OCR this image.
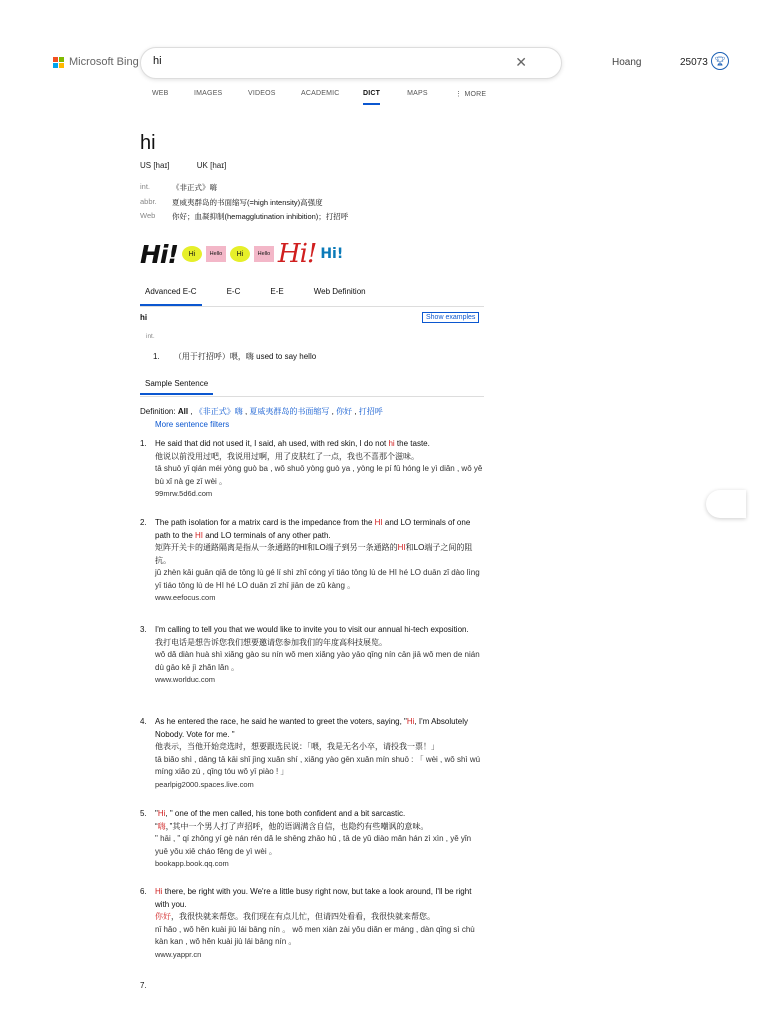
Microsoft Bing
hi	✕	Hoang	25073 🏆︎
WEB	IMAGES	VIDEOS	ACADEMIC	DICT	MAPS	⋮ MORE
hi
US [haɪ]	UK [haɪ]
int.	《非正式》嗨
abbr.	夏威夷群岛的书面缩写(=high intensity)高强度
Web	你好；血凝抑制(hemagglutination inhibition)；打招呼
Hi!	Hi	Hello	Hi	Hello Hi! Hi!
Advanced E-C	E-C	E-E	Web Definition
hi	Show examples
int.
1. （用于打招呼）喂，嗨 used to say hello
Sample Sentence
Definition: All , 《非正式》嗨 , 夏威夷群岛的书面缩写 , 你好 , 打招呼
More sentence filters
1. He said that did not used it, I said, ah used, with red skin, I do not hi the taste.
他说以前没用过吧，我说用过啊，用了皮肤红了一点，我也不喜那个滋味。
tā shuō yǐ qián méi yòng guò ba , wǒ shuō yòng guò ya , yòng le pí fū hóng le yì diǎn , wǒ yě bù xǐ nà ge zī wèi 。
99mrw.5d6d.com
2. The path isolation for a matrix card is the impedance from the HI and LO terminals of one path to the HI and LO terminals of any other path.
矩阵开关卡的通路隔离是指从一条通路的HI和LO端子到另一条通路的HI和LO端子之间的阻抗。
jǔ zhèn kāi guān qiǎ de tōng lù gé lí shì zhǐ cóng yī tiáo tōng lù de HI hé LO duān zǐ dào lìng yī tiáo tōng lù de HI hé LO duān zǐ zhī jiān de zǔ kàng 。
www.eefocus.com
3. I'm calling to tell you that we would like to invite you to visit our annual hi-tech exposition.
我打电话是想告诉您我们想要邀请您参加我们的年度高科技展览。
wǒ dǎ diàn huà shì xiǎng gào su nín wǒ men xiǎng yào yāo qǐng nín cān jiā wǒ men de nián dù gāo kē jì zhǎn lǎn 。
www.worlduc.com
4. As he entered the race, he said he wanted to greet the voters, saying, "Hi, I'm Absolutely Nobody. Vote for me. "
他表示，当他开始竞选时，想要跟选民说：「喂，我是无名小卒，请投我一票！」
tā biǎo shì , dāng tā kāi shǐ jìng xuǎn shí , xiǎng yào gēn xuǎn mín shuō : 「 wèi , wǒ shì wú míng xiǎo zú , qǐng tóu wǒ yī piào ! 」
pearlpig2000.spaces.live.com
5. "Hi, " one of the men called, his tone both confident and a bit sarcastic.
“嗨，”其中一个男人打了声招呼，他的语调满含自信，也隐约有些嘲讽的意味。
" hāi , " qí zhōng yí gè nán rén dǎ le shēng zhāo hū , tā de yǔ diào mǎn hán zì xìn , yě yǐn yuē yǒu xiē cháo fěng de yì wèi 。
bookapp.book.qq.com
6. Hi there, be right with you. We're a little busy right now, but take a look around, I'll be right with you.
你好，我很快就来帮您。我们现在有点儿忙，但请四处看看，我很快就来帮您。
nǐ hǎo , wǒ hěn kuài jiù lái bāng nín 。 wǒ men xiàn zài yǒu diǎn er máng , dàn qǐng sì chù kàn kan , wǒ hěn kuài jiù lái bāng nín 。
www.yappr.cn
7.
